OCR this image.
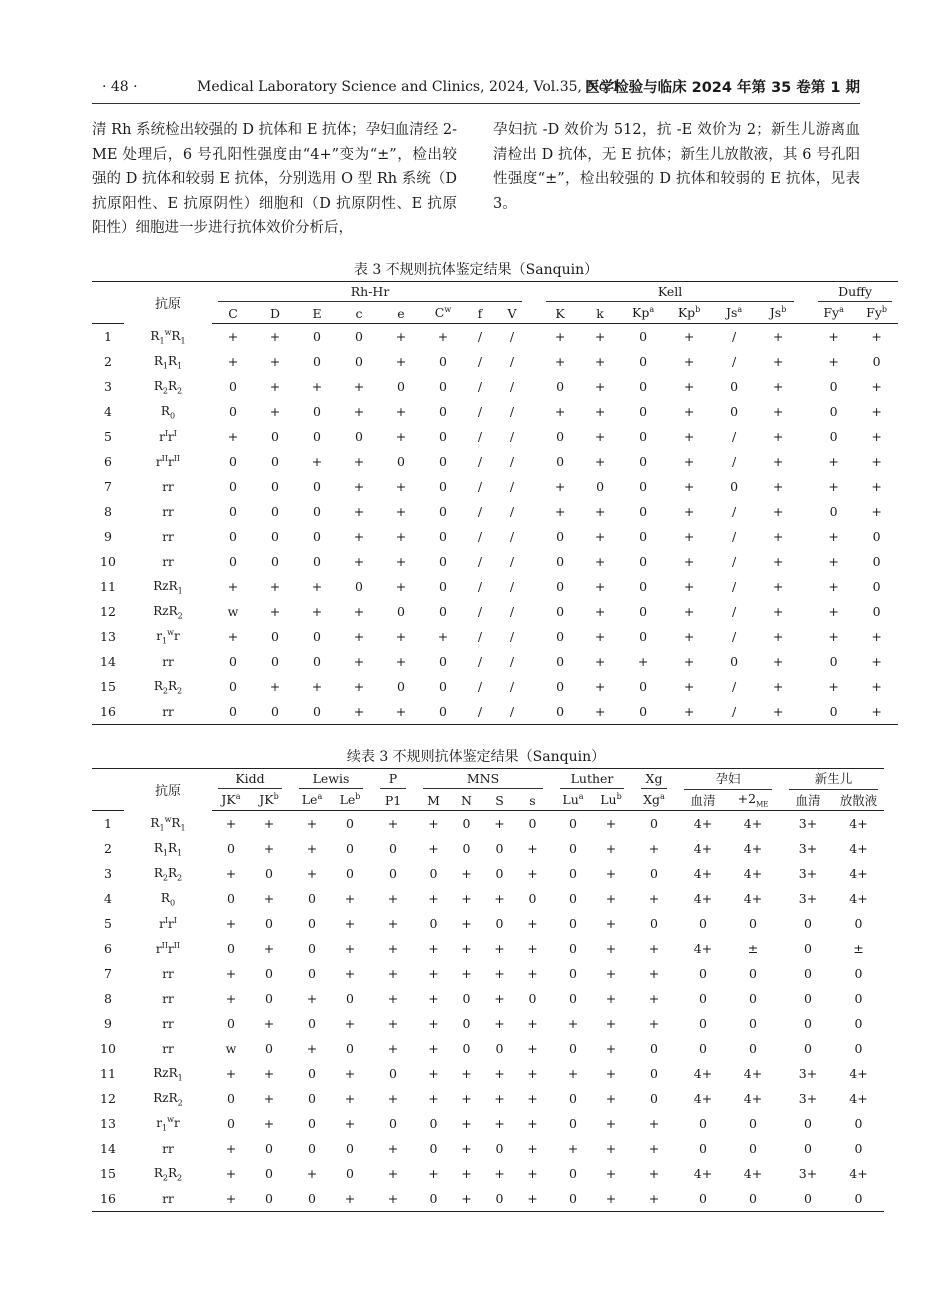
· 48 ·	Medical Laboratory Science and Clinics, 2024, Vol.35, No.1
医学检验与临床 2024 年第 35 卷第 1 期
清 Rh 系统检出较强的 D 抗体和 E 抗体；孕妇血清经 2-ME 处理后，6 号孔阳性强度由“4+”变为“±”，检出较强的 D 抗体和较弱 E 抗体，分别选用 O 型 Rh 系统（D 抗原阳性、E 抗原阴性）细胞和（D 抗原阴性、E 抗原阳性）细胞进一步进行抗体效价分析后，
孕妇抗 -D 效价为 512，抗 -E 效价为 2；新生儿游离血清检出 D 抗体，无 E 抗体；新生儿放散液，其 6 号孔阳性强度“±”，检出较强的 D 抗体和较弱的 E 抗体，见表 3。
表 3 不规则抗体鉴定结果（Sanquin）
	抗原	Rh-Hr									Kell							Duffy	

		C	D	E	c	e	$C^w$	f	V		K	k	Kp$^a$	Kp$^b$	Js$^a$	Js$^b$		Fy$^a$	Fy$^b$
1	$R_1^wR_1$	+	+	0	0	+	+	/	/		+	+	0	+	/	+		+	+
2	$R_1R_1$	+	+	0	0	+	0	/	/		+	+	0	+	/	+		+	0
3	$R_2R_2$	0	+	+	+	0	0	/	/		0	+	0	+	0	+		0	+
4	$R_0$	0	+	0	+	+	0	/	/		+	+	0	+	0	+		0	+
5	$r^Ir^I$	+	0	0	0	+	0	/	/		0	+	0	+	/	+		0	+
6	$r^{II}r^{II}$	0	0	+	+	0	0	/	/		0	+	0	+	/	+		+	+
7	rr	0	0	0	+	+	0	/	/		+	0	0	+	0	+		+	+
8	rr	0	0	0	+	+	0	/	/		+	+	0	+	/	+		0	+
9	rr	0	0	0	+	+	0	/	/		0	+	0	+	/	+		+	0
10	rr	0	0	0	+	+	0	/	/		0	+	0	+	/	+		+	0
11	RzR$_1$	+	+	+	0	+	0	/	/		0	+	0	+	/	+		+	0
12	RzR$_2$	w	+	+	+	0	0	/	/		0	+	0	+	/	+		+	0
13	$r_1^wr$	+	0	0	+	+	+	/	/		0	+	0	+	/	+		+	+
14	rr	0	0	0	+	+	0	/	/		0	+	+	+	0	+		0	+
15	$R_2R_2$	0	+	+	+	0	0	/	/		0	+	0	+	/	+		+	+
16	rr	0	0	0	+	+	0	/	/		0	+	0	+	/	+		0	+
续表 3 不规则抗体鉴定结果（Sanquin）
	抗原	Kidd			Lewis			P		MNS					Luther			Xg		孕妇			新生儿	

		$JK^a$	$JK^b$		Le$^a$	Le$^b$		P1		M	N	S	s		Lu$^a$	Lu$^b$		Xg$^a$		血清	$+2_{ME}$		血清	放散液
1	$R_1^wR_1$	+	+		+	0		+		+	0	+	0		0	+		0		4+	4+		3+	4+
2	$R_1R_1$	0	+		+	0		0		+	0	0	+		0	+		+		4+	4+		3+	4+
3	$R_2R_2$	+	0		+	0		0		0	+	0	+		0	+		0		4+	4+		3+	4+
4	$R_0$	0	+		0	+		+		+	+	+	0		0	+		+		4+	4+		3+	4+
5	$r^Ir^I$	+	0		0	+		+		0	+	0	+		0	+		0		0	0		0	0
6	$r^{II}r^{II}$	0	+		0	+		+		+	+	+	+		0	+		+		4+	±		0	±
7	rr	+	0		0	+		+		+	+	+	+		0	+		+		0	0		0	0
8	rr	+	0		+	0		+		+	0	+	0		0	+		+		0	0		0	0
9	rr	0	+		0	+		+		+	0	+	+		+	+		+		0	0		0	0
10	rr	w	0		+	0		+		+	0	0	+		0	+		0		0	0		0	0
11	RzR$_1$	+	+		0	+		0		+	+	+	+		+	+		0		4+	4+		3+	4+
12	RzR$_2$	0	+		0	+		+		+	+	+	+		0	+		0		4+	4+		3+	4+
13	$r_1^wr$	0	+		0	+		0		0	+	+	+		0	+		+		0	0		0	0
14	rr	+	0		0	0		+		0	+	0	+		+	+		+		0	0		0	0
15	$R_2R_2$	+	0		+	0		+		+	+	+	+		0	+		+		4+	4+		3+	4+
16	rr	+	0		0	+		+		0	+	0	+		0	+		+		0	0		0	0
